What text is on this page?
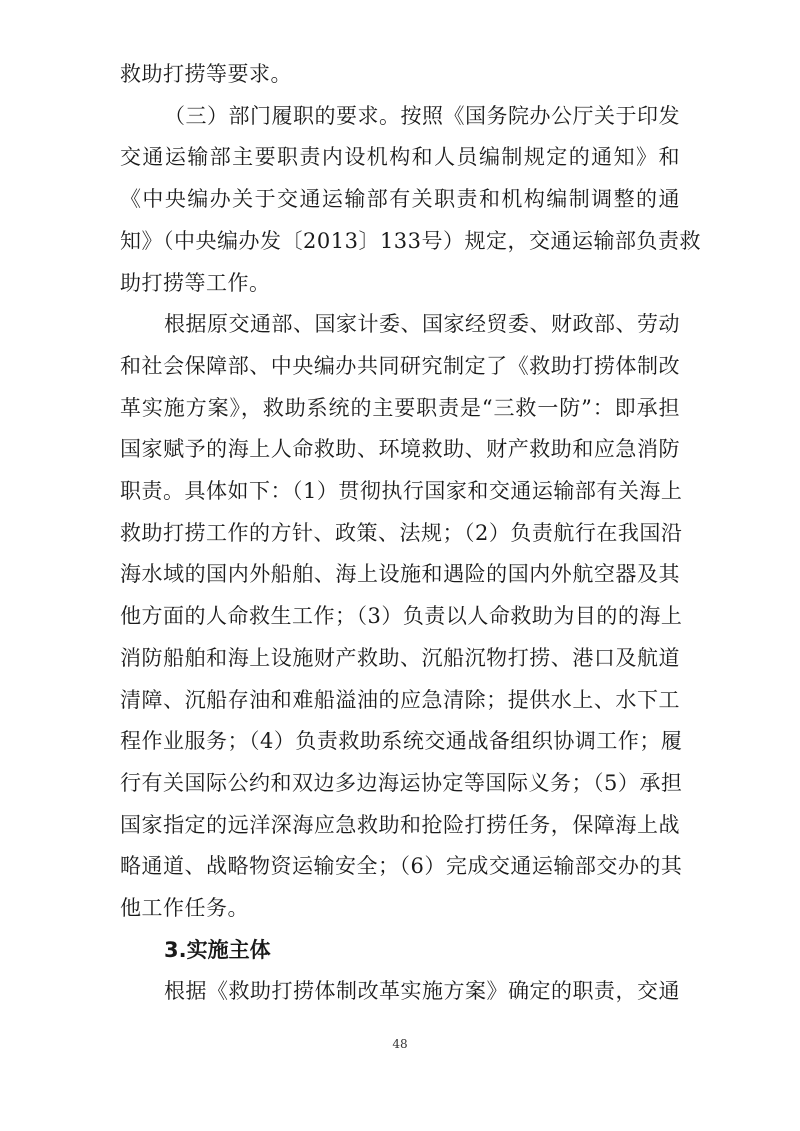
救助打捞等要求。
（三）部门履职的要求。按照《国务院办公厅关于印发
交通运输部主要职责内设机构和人员编制规定的通知》和
《中央编办关于交通运输部有关职责和机构编制调整的通
知》（中央编办发〔2013〕133号）规定，交通运输部负责救
助打捞等工作。
根据原交通部、国家计委、国家经贸委、财政部、劳动
和社会保障部、中央编办共同研究制定了《救助打捞体制改
革实施方案》，救助系统的主要职责是“三救一防”：即承担
国家赋予的海上人命救助、环境救助、财产救助和应急消防
职责。具体如下：（1）贯彻执行国家和交通运输部有关海上
救助打捞工作的方针、政策、法规；（2）负责航行在我国沿
海水域的国内外船舶、海上设施和遇险的国内外航空器及其
他方面的人命救生工作；（3）负责以人命救助为目的的海上
消防船舶和海上设施财产救助、沉船沉物打捞、港口及航道
清障、沉船存油和难船溢油的应急清除；提供水上、水下工
程作业服务；（4）负责救助系统交通战备组织协调工作；履
行有关国际公约和双边多边海运协定等国际义务；（5）承担
国家指定的远洋深海应急救助和抢险打捞任务，保障海上战
略通道、战略物资运输安全；（6）完成交通运输部交办的其
他工作任务。
3.实施主体
根据《救助打捞体制改革实施方案》确定的职责，交通
48
